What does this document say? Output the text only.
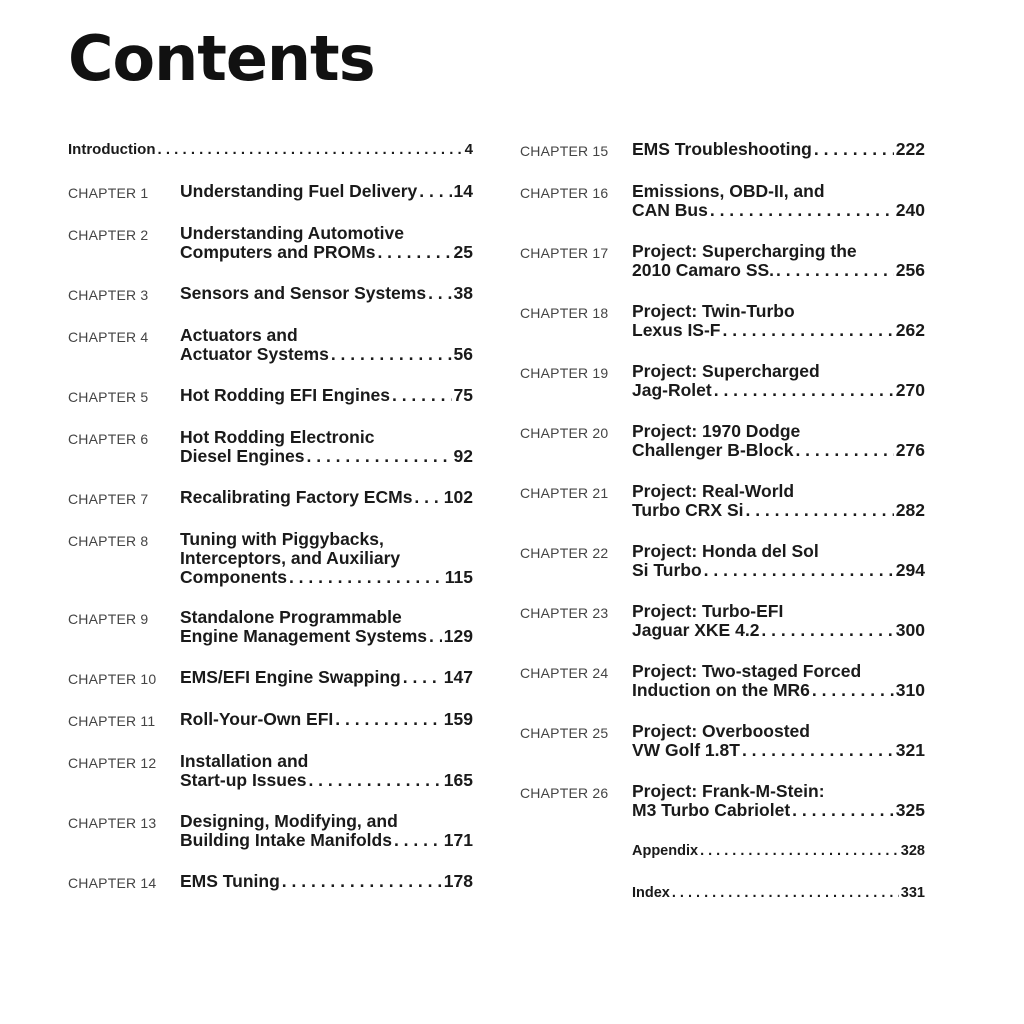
Contents
Introduction . . .	4
CHAPTER 1 Understanding Fuel Delivery . . . 14
CHAPTER 2 Understanding Automotive
Computers and PROMs . . .	25
CHAPTER 3 Sensors and Sensor Systems . . . 38
CHAPTER 4 Actuators and
Actuator Systems . . .	56
CHAPTER 5 Hot Rodding EFI Engines . . .	75
CHAPTER 6 Hot Rodding Electronic
Diesel Engines . . .	92
CHAPTER 7 Recalibrating Factory ECMs . . . 102
CHAPTER 8 Tuning with Piggybacks,
Interceptors, and Auxiliary
Components . . .	115
CHAPTER 9 Standalone Programmable
Engine Management Systems . . . 129
CHAPTER 10 EMS/EFI Engine Swapping . . . 147
CHAPTER 11 Roll-Your-Own EFI . . .	159
CHAPTER 12 Installation and
Start-up Issues . . .	165
CHAPTER 13 Designing, Modifying, and
Building Intake Manifolds . . .	171
CHAPTER 14 EMS Tuning . . .	178
CHAPTER 15 EMS Troubleshooting . . .	222
CHAPTER 16 Emissions, OBD-II, and
CAN Bus . . .	240
CHAPTER 17 Project: Supercharging the
2010 Camaro SS. . . .	256
CHAPTER 18 Project: Twin-Turbo
Lexus IS-F . . .	262
CHAPTER 19 Project: Supercharged
Jag-Rolet . . .	270
CHAPTER 20 Project: 1970 Dodge
Challenger B-Block . . .	276
CHAPTER 21 Project: Real-World
Turbo CRX Si . . .	282
CHAPTER 22 Project: Honda del Sol
Si Turbo . . .	294
CHAPTER 23 Project: Turbo-EFI
Jaguar XKE 4.2 . . .	300
CHAPTER 24 Project: Two-staged Forced
Induction on the MR6 . . .	310
CHAPTER 25 Project: Overboosted
VW Golf 1.8T . . .	321
CHAPTER 26 Project: Frank-M-Stein:
M3 Turbo Cabriolet . . .	325
Appendix . . .	328
Index . . .	331
